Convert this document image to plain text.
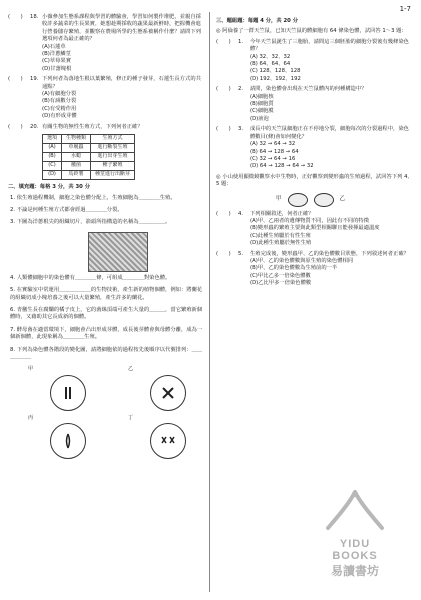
1-7
(　　)	18. 小薇參加生態系課程與學習的體驗會，學習如何製作堆肥，並親自採收許多蔬菜的生長果實，她想趁期採收的蔬果最新鮮時，把握機會進行營養儲存繁殖，並觀察在農場所學的生態系被稱作什麼？請問下列選項何者為最正確的？
(A)石蓮草
(B)洋蔥鱗莖
(C)草莓果實
(D)甘藷塊根
(　　)	19. 下列何者為落地生根以葉繁殖，修正的種子發芽，石蓮生長方式的共通點？
(A)有細胞分裂
(B)有減數分裂
(C)有受精作用
(D)有形成芽體
(　　)	20. 有關生物的無性生殖方式，下列何者正確？
選項	生物種類	生殖方式
(A)	草履蟲	進行斷裂生殖
(B)	水螅	進行出芽生殖
(C)	黴菌	種子繁殖
(D)	馬鈴薯	種莖進行出斷芽
二、填充題：每格 3 分，共 30 分
1. 依生殖過程機制，細胞之染色體分配上，生殖細胞為＿＿＿＿生殖。
2. 不論是何種生殖方式都會經過＿＿＿＿分裂。
3. 下圖為洋蔥根尖的組織切片，箭頭所指構造的名稱為＿＿＿＿＿。
4. 人類體細胞中的染色體有＿＿＿＿條，可組成＿＿＿＿對染色體。
5. 在實驗室中常運用＿＿＿＿＿＿的生物技術，產生新的植物個體，例如：將蘭花的組織切成小塊培養之後可以大量繁殖，產生許多的蘭花。
6. 青黴生長在腐爛的橘子皮上，它的菌絲頂端可產生大量的＿＿＿，當它繁殖新個體時，又藉助其它長成新的個體。
7. 酵母菌在適當環境下，細胞會凸出形成芽體，成長後芽體會與母體分離，成為一個新個體，此現象稱為＿＿＿＿生殖。
8. 下列為染色體各階段的變化圖，請將細胞依的過程按先後順序以代號排列：＿＿＿＿＿＿
甲	乙
丙	丁
三、題組題：每題 4 分，共 20 分
◎ 阿倫養了一群天竺鼠，已知天竺鼠的體細胞有 64 條染色體，試回答 1～3 題：
(　　)	1.	今年天竺鼠誕生了三胞胎，請問這三個胚胎的細胞分裂後有幾條染色體？
(A) 32、32、32
(B) 64、64、64
(C) 128、128、128
(D) 192、192、192
(　　)	2.	請問，染色體會出現在天竺鼠體內的何種構造中？
(A)細胞核
(B)細胞質
(C)細胞膜
(D)液泡
(　　)	3.	成長中的天竺鼠細胞正在不停地分裂，細胞每次的分裂過程中，染色體數目(條)會如何變化？
(A) 32 → 64 → 32
(B) 64 → 128 → 64
(C) 32 → 64 → 16
(D) 64 → 128 → 64 → 32
◎ 小山使用顯微鏡觀察水中生物時，正好觀察到變形蟲的生殖過程，試回答下列 4、5 題：
甲	乙
(　　)	4.	下列相關敘述，何者正確？
(A)甲、乙兩者的遺傳物質不同，因此有不同的特徵
(B)變形蟲的繁殖主要與此類型相關聯且能發揮最適溫度
(C)此種生殖屬於有性生殖
(D)此種生殖屬於無性生殖
(　　)	5.	生殖完成後，變形蟲甲、乙的染色體數目狀態，下列敘述何者正確？
(A)甲、乙的染色體數與原生殖的染色體相同
(B)甲、乙的染色體數為生殖前的一半
(C)甲比乙多一倍染色體數
(D)乙比甲多一倍染色體數
YIDU
BOOKS
易讀書坊
